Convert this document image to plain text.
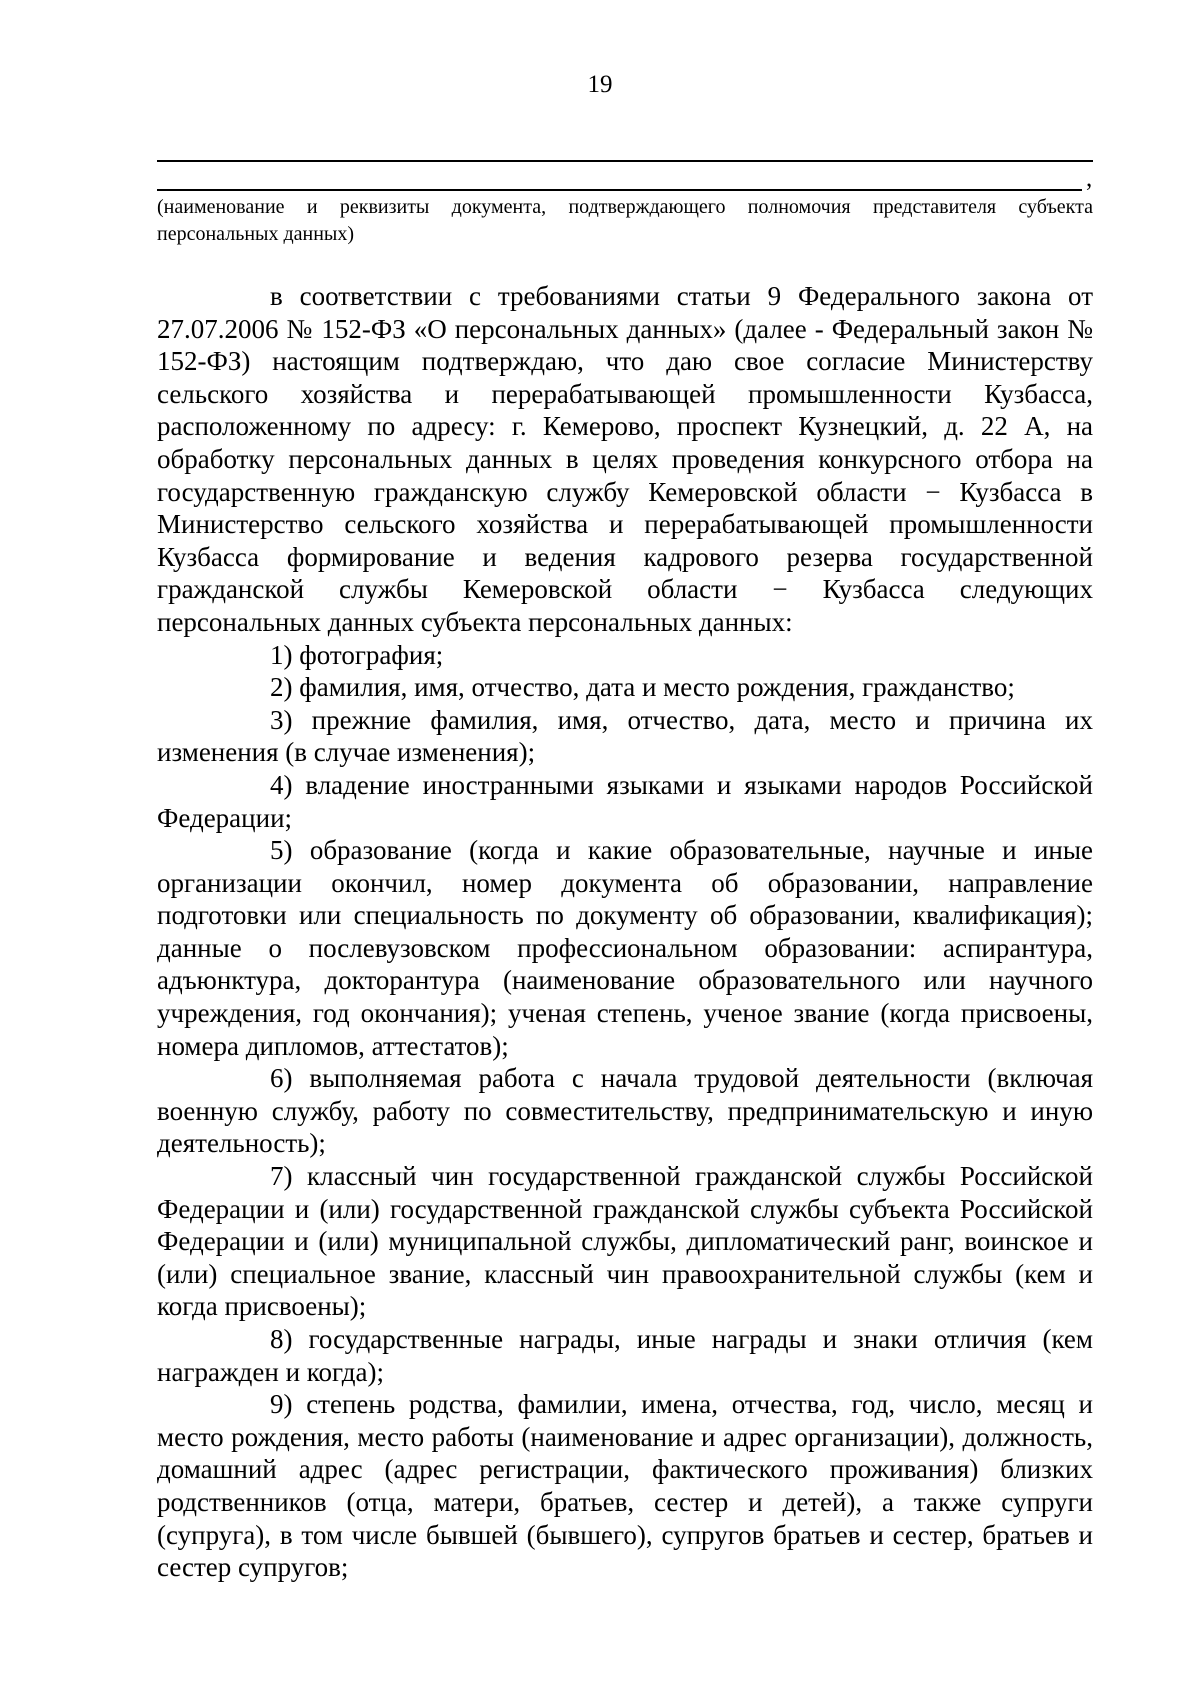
19
,

(наименование и реквизиты документа, подтверждающего полномочия представителя субъекта персональных данных)

в соответствии с требованиями статьи 9 Федерального закона от 27.07.2006 № 152-ФЗ «О персональных данных» (далее - Федеральный закон № 152-ФЗ) настоящим подтверждаю, что даю свое согласие Министерству сельского хозяйства и перерабатывающей промышленности Кузбасса, расположенному по адресу: г. Кемерово, проспект Кузнецкий, д. 22 А, на обработку персональных данных в целях проведения конкурсного отбора на государственную гражданскую службу Кемеровской области − Кузбасса в Министерство сельского хозяйства и перерабатывающей промышленности Кузбасса формирование и ведения кадрового резерва государственной гражданской службы Кемеровской области − Кузбасса следующих персональных данных субъекта персональных данных:

1) фотография;

2) фамилия, имя, отчество, дата и место рождения, гражданство;

3) прежние фамилия, имя, отчество, дата, место и причина их изменения (в случае изменения);

4) владение иностранными языками и языками народов Российской Федерации;

5) образование (когда и какие образовательные, научные и иные организации окончил, номер документа об образовании, направление подготовки или специальность по документу об образовании, квалификация); данные о послевузовском профессиональном образовании: аспирантура, адъюнктура, докторантура (наименование образовательного или научного учреждения, год окончания); ученая степень, ученое звание (когда присвоены, номера дипломов, аттестатов);

6) выполняемая работа с начала трудовой деятельности (включая военную службу, работу по совместительству, предпринимательскую и иную деятельность);

7) классный чин государственной гражданской службы Российской Федерации и (или) государственной гражданской службы субъекта Российской Федерации и (или) муниципальной службы, дипломатический ранг, воинское и (или) специальное звание, классный чин правоохранительной службы (кем и когда присвоены);

8) государственные награды, иные награды и знаки отличия (кем награжден и когда);

9) степень родства, фамилии, имена, отчества, год, число, месяц и место рождения, место работы (наименование и адрес организации), должность, домашний адрес (адрес регистрации, фактического проживания) близких родственников (отца, матери, братьев, сестер и детей), а также супруги (супруга), в том числе бывшей (бывшего), супругов братьев и сестер, братьев и сестер супругов;
